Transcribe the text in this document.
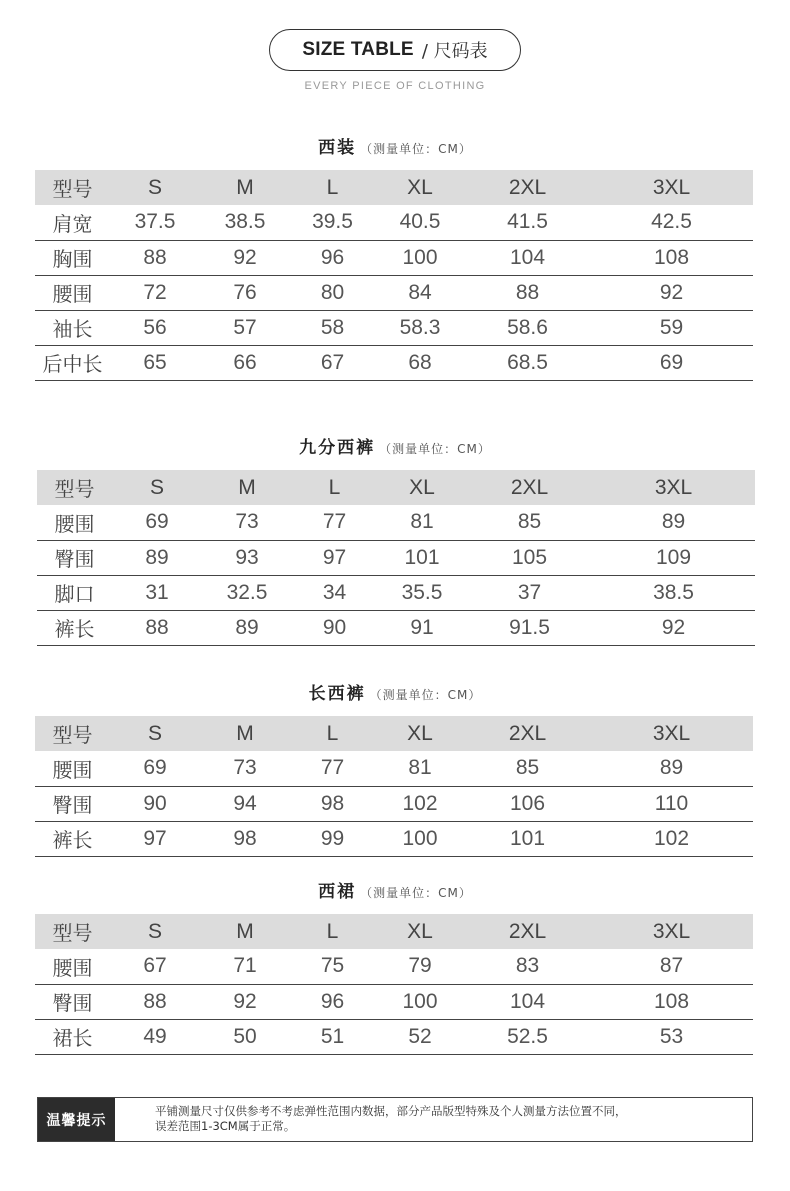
SIZE TABLE / 尺码表
EVERY PIECE OF CLOTHING
西装 （测量单位：CM）
型号	S	M	L	XL	2XL	3XL
肩宽	37.5	38.5	39.5	40.5	41.5	42.5
胸围	88	92	96	100	104	108
腰围	72	76	80	84	88	92
袖长	56	57	58	58.3	58.6	59
后中长	65	66	67	68	68.5	69
九分西裤 （测量单位：CM）
型号	S	M	L	XL	2XL	3XL
腰围	69	73	77	81	85	89
臀围	89	93	97	101	105	109
脚口	31	32.5	34	35.5	37	38.5
裤长	88	89	90	91	91.5	92
长西裤 （测量单位：CM）
型号	S	M	L	XL	2XL	3XL
腰围	69	73	77	81	85	89
臀围	90	94	98	102	106	110
裤长	97	98	99	100	101	102
西裙 （测量单位：CM）
型号	S	M	L	XL	2XL	3XL
腰围	67	71	75	79	83	87
臀围	88	92	96	100	104	108
裙长	49	50	51	52	52.5	53
温馨提示
平铺测量尺寸仅供参考不考虑弹性范围内数据，部分产品版型特殊及个人测量方法位置不同，
误差范围1-3CM属于正常。
